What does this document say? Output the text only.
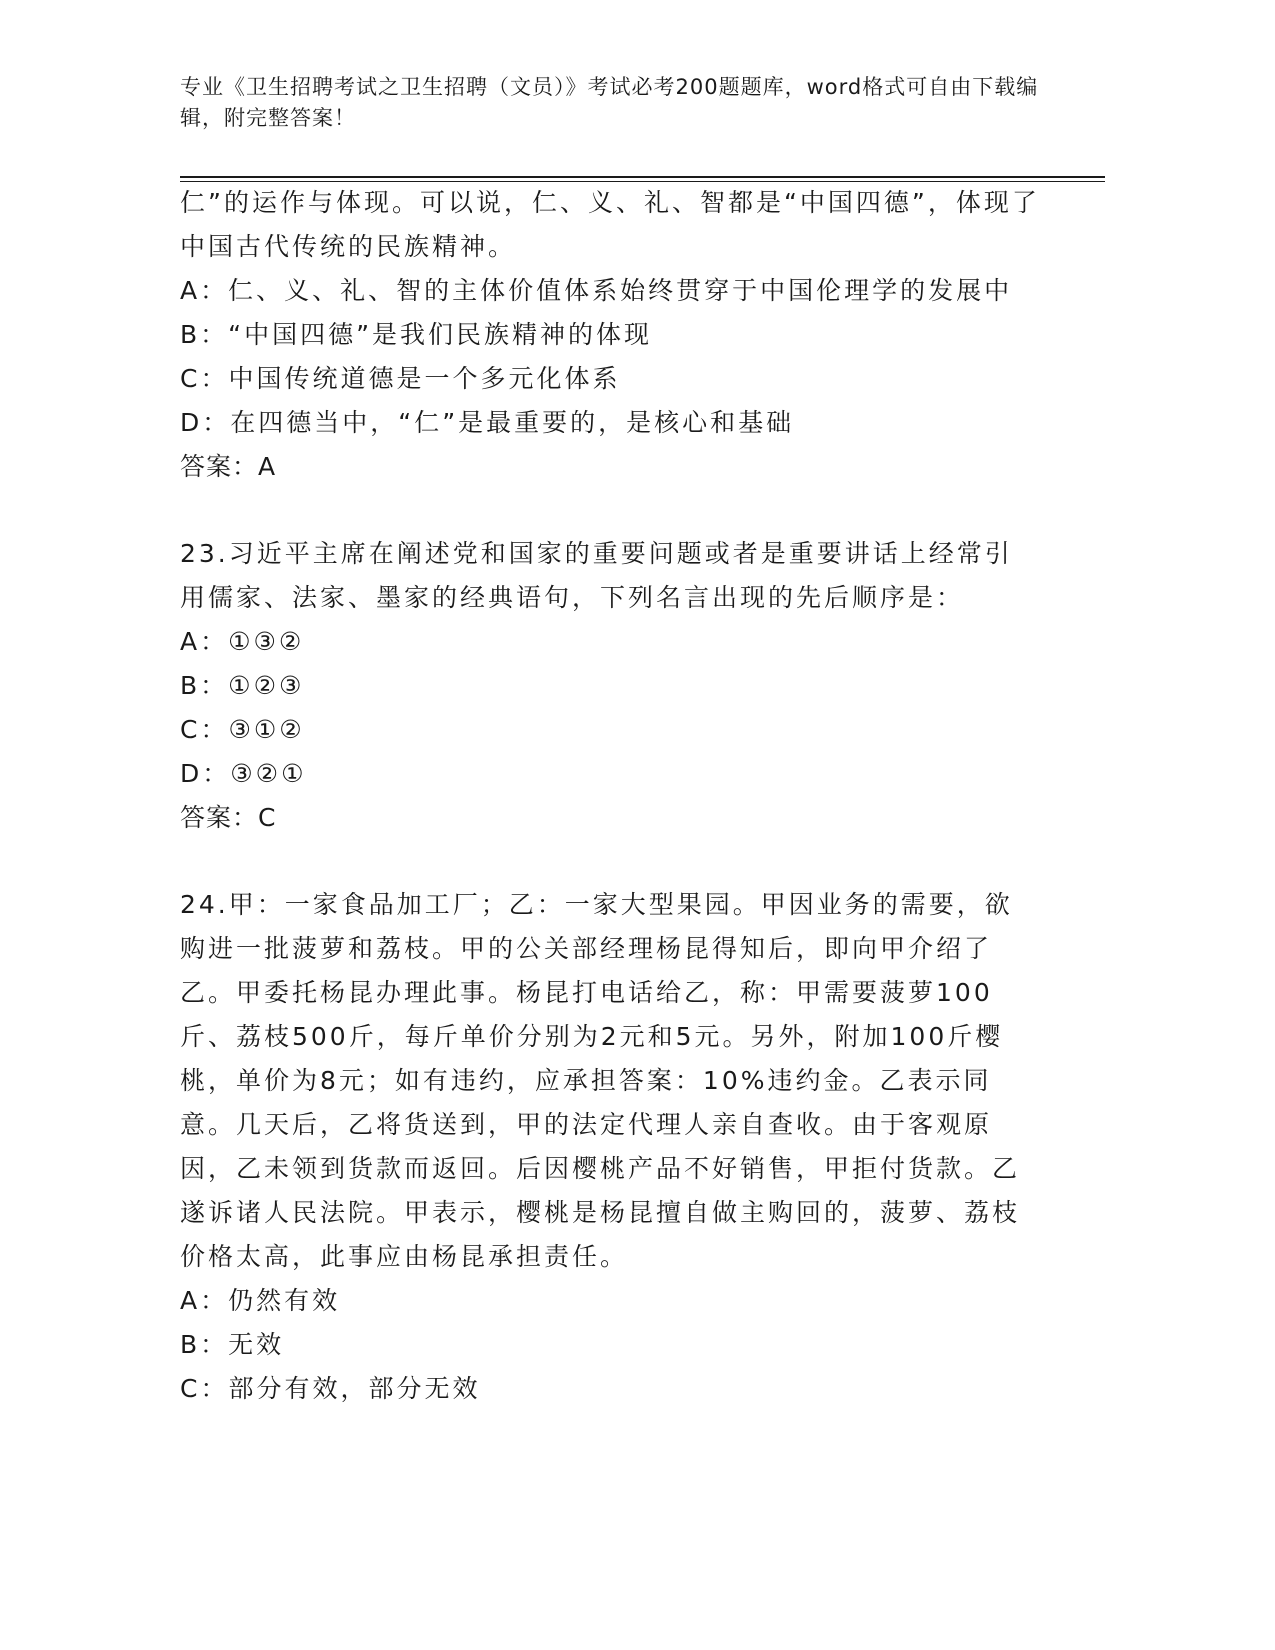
专业《卫生招聘考试之卫生招聘（文员）》考试必考200题题库，word格式可自由下载编辑，附完整答案！

仁”的运作与体现。可以说，仁、义、礼、智都是“中国四德”，体现了中国古代传统的民族精神。

A：仁、义、礼、智的主体价值体系始终贯穿于中国伦理学的发展中

B：“中国四德”是我们民族精神的体现

C：中国传统道德是一个多元化体系

D：在四德当中，“仁”是最重要的，是核心和基础

答案：A

23.习近平主席在阐述党和国家的重要问题或者是重要讲话上经常引用儒家、法家、墨家的经典语句，下列名言出现的先后顺序是：

A：①③②

B：①②③

C：③①②

D：③②①

答案：C

24.甲：一家食品加工厂；乙：一家大型果园。甲因业务的需要，欲购进一批菠萝和荔枝。甲的公关部经理杨昆得知后，即向甲介绍了乙。甲委托杨昆办理此事。杨昆打电话给乙，称：甲需要菠萝100斤、荔枝500斤，每斤单价分别为2元和5元。另外，附加100斤樱桃，单价为8元；如有违约，应承担答案：10%违约金。乙表示同意。几天后，乙将货送到，甲的法定代理人亲自查收。由于客观原因，乙未领到货款而返回。后因樱桃产品不好销售，甲拒付货款。乙遂诉诸人民法院。甲表示，樱桃是杨昆擅自做主购回的，菠萝、荔枝价格太高，此事应由杨昆承担责任。

A：仍然有效

B：无效

C：部分有效，部分无效
